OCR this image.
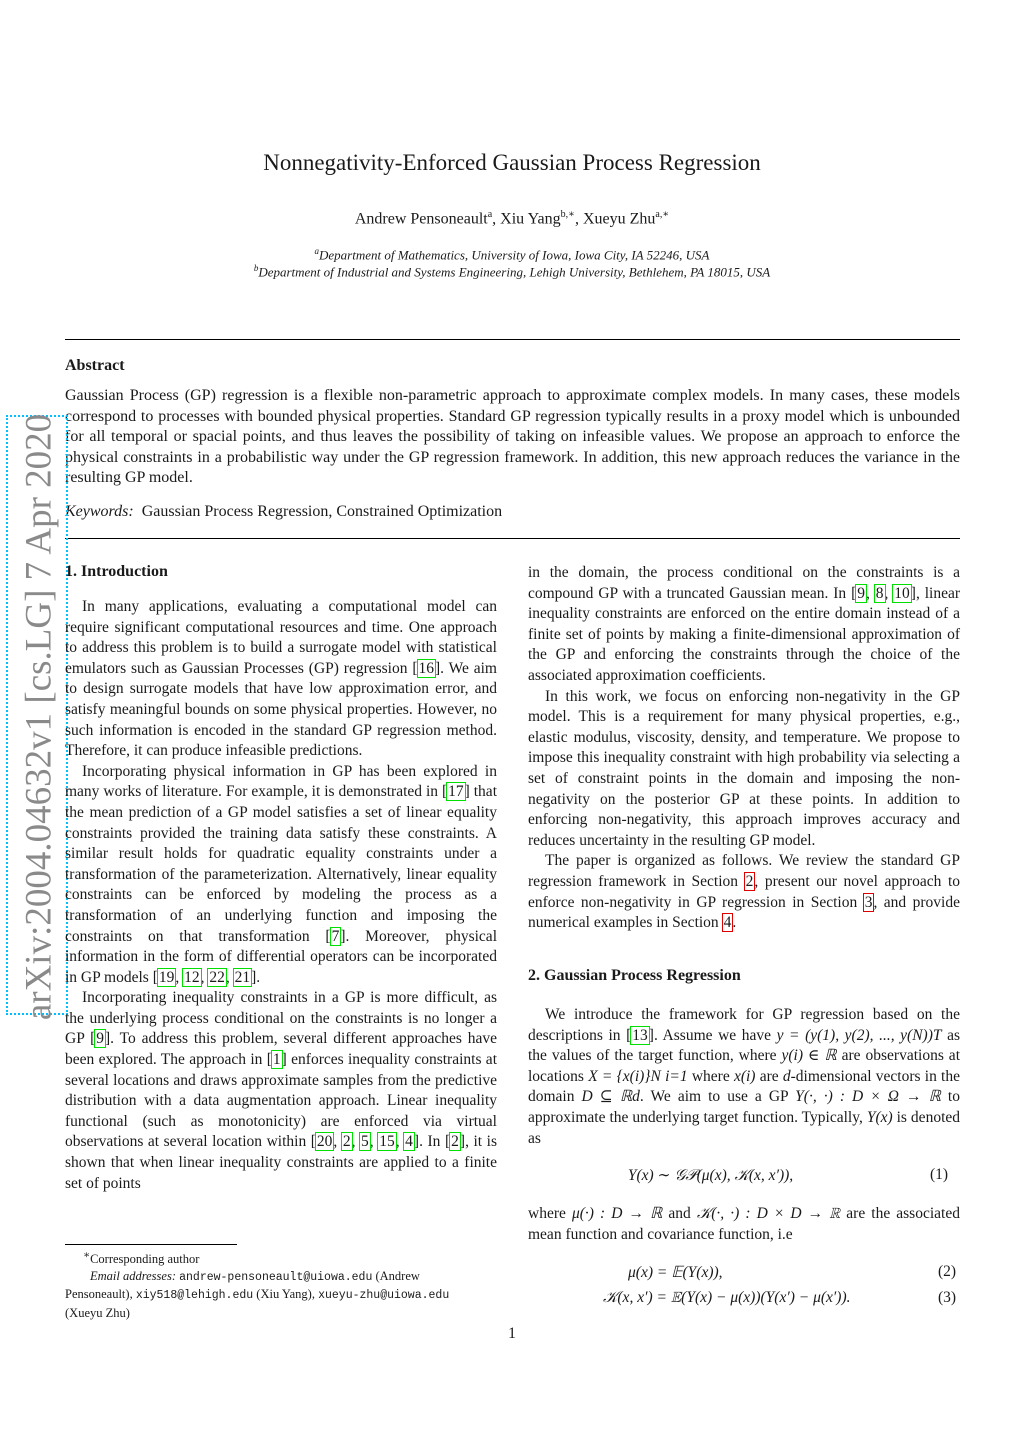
Nonnegativity-Enforced Gaussian Process Regression
Andrew Pensoneault$^a$, Xiu Yang$^{b,∗}$, Xueyu Zhu$^{a,∗}$
$^a$Department of Mathematics, University of Iowa, Iowa City, IA 52246, USA
$^b$Department of Industrial and Systems Engineering, Lehigh University, Bethlehem, PA 18015, USA
Abstract
Gaussian Process (GP) regression is a flexible non-parametric approach to approximate complex models. In many cases, these models correspond to processes with bounded physical properties. Standard GP regression typically results in a proxy model which is unbounded for all temporal or spacial points, and thus leaves the possibility of taking on infeasible values. We propose an approach to enforce the physical constraints in a probabilistic way under the GP regression framework. In addition, this new approach reduces the variance in the resulting GP model.
Keywords: Gaussian Process Regression, Constrained Optimization
arXiv:2004.04632v1 [cs.LG] 7 Apr 2020 1. Introduction

In many applications, evaluating a computational model can require significant computational resources and time. One approach to address this problem is to build a surrogate model with statistical emulators such as Gaussian Processes (GP) regression [16]. We aim to design surrogate models that have low approximation error, and satisfy meaningful bounds on some physical properties. However, no such information is encoded in the standard GP regression method. Therefore, it can produce infeasible predictions.

Incorporating physical information in GP has been explored in many works of literature. For example, it is demonstrated in [17] that the mean prediction of a GP model satisfies a set of linear equality constraints provided the training data satisfy these constraints. A similar result holds for quadratic equality constraints under a transformation of the parameterization. Alternatively, linear equality constraints can be enforced by modeling the process as a transformation of an underlying function and imposing the constraints on that transformation [7]. Moreover, physical information in the form of differential operators can be incorporated in GP models [19, 12, 22, 21].

Incorporating inequality constraints in a GP is more difficult, as the underlying process conditional on the constraints is no longer a GP [9]. To address this problem, several different approaches have been explored. The approach in [1] enforces inequality constraints at several locations and draws approximate samples from the predictive distribution with a data augmentation approach. Linear inequality functional (such as monotonicity) are enforced via virtual observations at several location within [20, 2, 5, 15, 4]. In [2], it is shown that when linear inequality constraints are applied to a finite set of points

in the domain, the process conditional on the constraints is a compound GP with a truncated Gaussian mean. In [9, 8, 10], linear inequality constraints are enforced on the entire domain instead of a finite set of points by making a finite-dimensional approximation of the GP and enforcing the constraints through the choice of the associated approximation coefficients.

In this work, we focus on enforcing non-negativity in the GP model. This is a requirement for many physical properties, e.g., elastic modulus, viscosity, density, and temperature. We propose to impose this inequality constraint with high probability via selecting a set of constraint points in the domain and imposing the non-negativity on the posterior GP at these points. In addition to enforcing non-negativity, this approach improves accuracy and reduces uncertainty in the resulting GP model.

The paper is organized as follows. We review the standard GP regression framework in Section 2, present our novel approach to enforce non-negativity in GP regression in Section 3, and provide numerical examples in Section 4.

2. Gaussian Process Regression

We introduce the framework for GP regression based on the descriptions in [13]. Assume we have y = (y(1), y(2), ..., y(N))T as the values of the target function, where y(i) ∈ ℝ are observations at locations X = {x(i)}N i=1 where x(i) are d-dimensional vectors in the domain D ⊆ ℝd. We aim to use a GP Y(·, ·) : D × Ω → ℝ to approximate the underlying target function. Typically, Y(x) is denoted as

Y(x) ∼ 𝒢𝒫(μ(x), 𝒦(x, x′)),	(1)

where μ(·) : D → ℝ and 𝒦(·, ·) : D × D → ℝ are the associated mean function and covariance function, i.e

μ(x) = 𝔼(Y(x)),	(2)
𝒦(x, x′) = 𝔼(Y(x) − μ(x))(Y(x′) − μ(x′)).	(3)
∗Corresponding author
Email addresses: andrew-pensoneault@uiowa.edu (Andrew Pensoneault), xiy518@lehigh.edu (Xiu Yang), xueyu-zhu@uiowa.edu (Xueyu Zhu)
1
